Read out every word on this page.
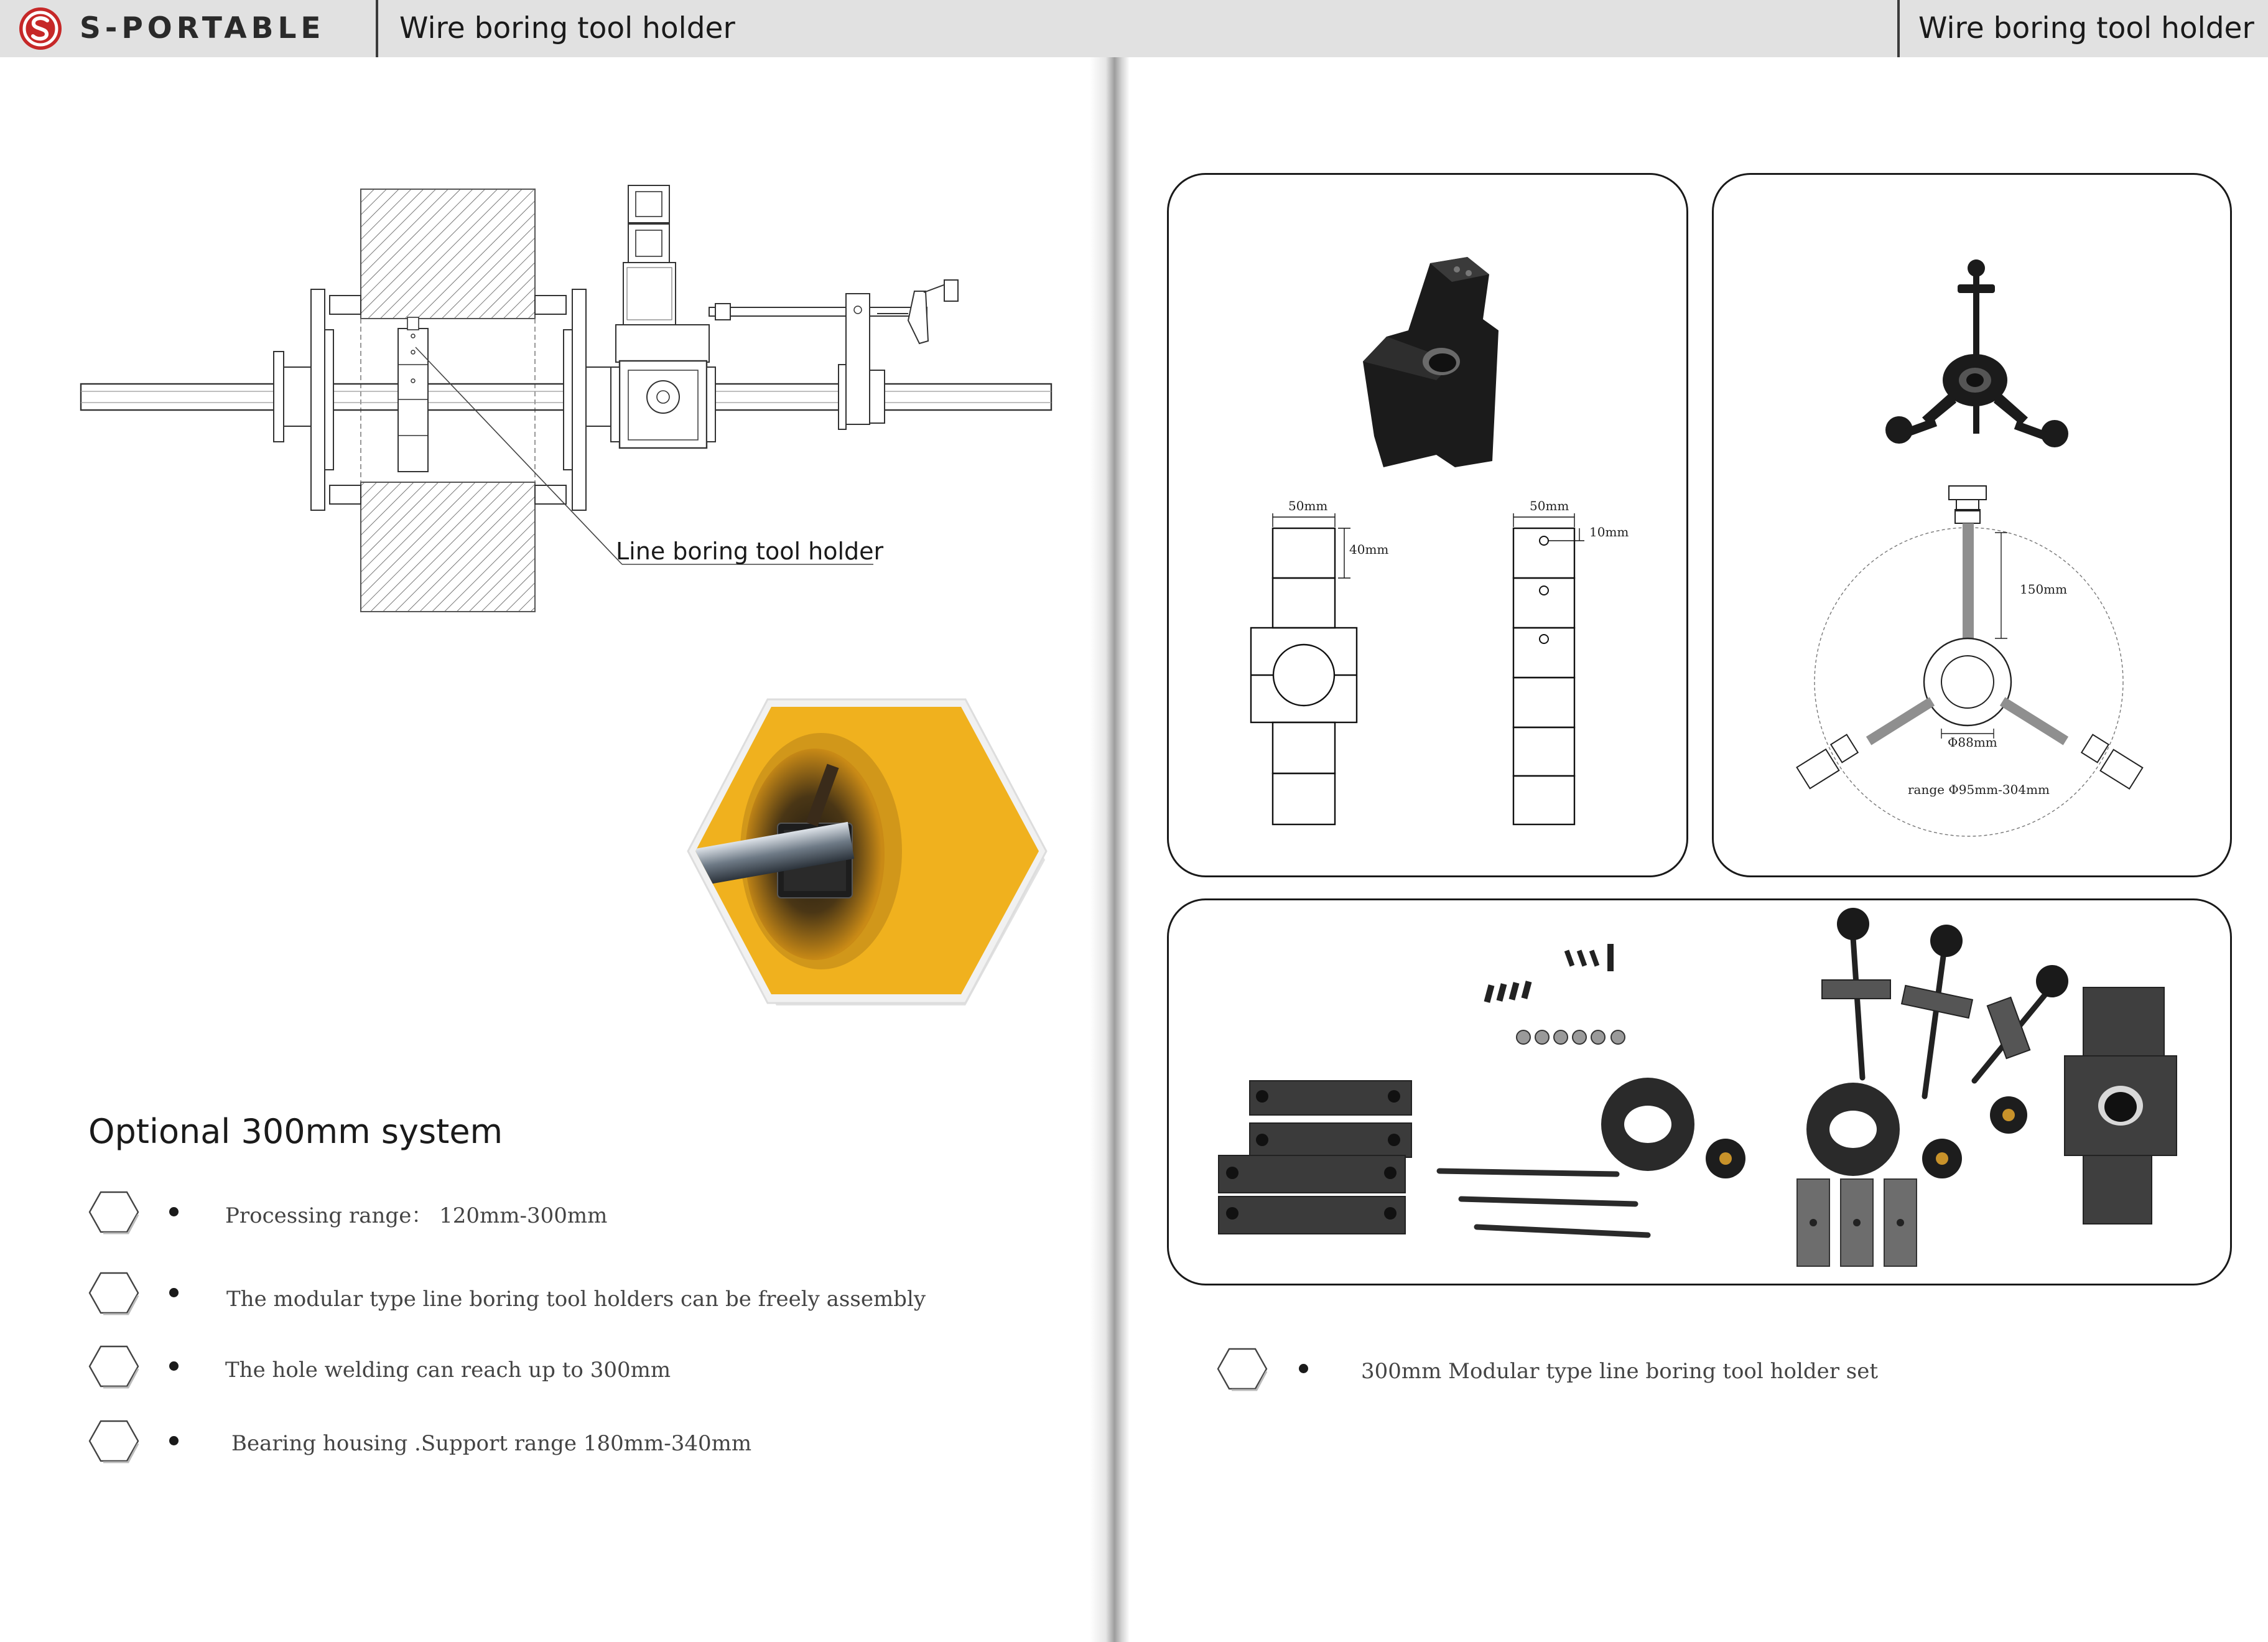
S-PORTABLE	Wire boring tool holder	Wire boring tool holder
Line boring tool holder
Optional 300mm system
Processing range： 120mm-300mm
The modular type line boring tool holders can be freely assembly
The hole welding can reach up to 300mm
Bearing housing .Support range 180mm-340mm
50mm
40mm
50mm
10mm
150mm
Φ88mm
range Φ95mm-304mm
300mm Modular type line boring tool holder set
